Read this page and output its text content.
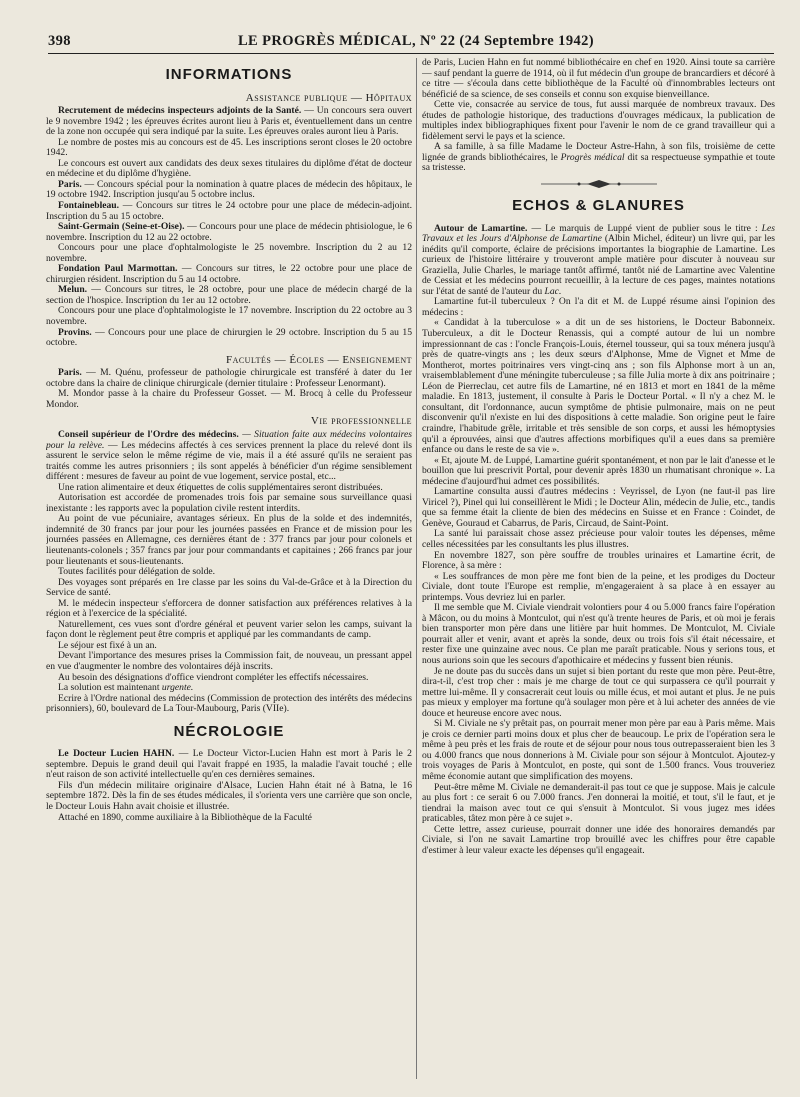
398	LE PROGRÈS MÉDICAL, Nº 22 (24 Septembre 1942)
INFORMATIONS
Assistance publique — Hôpitaux

Recrutement de médecins inspecteurs adjoints de la Santé. — Un concours sera ouvert le 9 novembre 1942 ; les épreuves écrites auront lieu à Paris et, éventuellement dans un centre de la zone non occupée qui sera indiqué par la suite. Les épreuves orales auront lieu à Paris.

Le nombre de postes mis au concours est de 45. Les inscriptions seront closes le 20 octobre 1942.

Le concours est ouvert aux candidats des deux sexes titulaires du diplôme d'état de docteur en médecine et du diplôme d'hygiène.

Paris. — Concours spécial pour la nomination à quatre places de médecin des hôpitaux, le 19 octobre 1942. Inscription jusqu'au 5 octobre inclus.

Fontainebleau. — Concours sur titres le 24 octobre pour une place de médecin-adjoint. Inscription du 5 au 15 octobre.

Saint-Germain (Seine-et-Oise). — Concours pour une place de médecin phtisiologue, le 6 novembre. Inscription du 12 au 22 octobre.

Concours pour une place d'ophtalmologiste le 25 novembre. Inscription du 2 au 12 novembre.

Fondation Paul Marmottan. — Concours sur titres, le 22 octobre pour une place de chirurgien résident. Inscription du 5 au 14 octobre.

Melun. — Concours sur titres, le 28 octobre, pour une place de médecin chargé de la section de l'hospice. Inscription du 1er au 12 octobre.

Concours pour une place d'ophtalmologiste le 17 novembre. Inscription du 22 octobre au 3 novembre.

Provins. — Concours pour une place de chirurgien le 29 octobre. Inscription du 5 au 15 octobre.

Facultés — Écoles — Enseignement

Paris. — M. Quénu, professeur de pathologie chirurgicale est transféré à dater du 1er octobre dans la chaire de clinique chirurgicale (dernier titulaire : Professeur Lenormant).

M. Mondor passe à la chaire du Professeur Gosset. — M. Brocq à celle du Professeur Mondor.

Vie professionnelle

Conseil supérieur de l'Ordre des médecins. — Situation faite aux médecins volontaires pour la relève. — Les médecins affectés à ces services prennent la place du relevé dont ils assurent le service selon le même régime de vie, mais il a été assuré qu'ils ne seraient pas traités comme les autres prisonniers ; ils sont appelés à bénéficier d'un régime sensiblement différent : mesures de faveur au point de vue logement, service postal, etc...

Une ration alimentaire et deux étiquettes de colis supplémentaires seront distribuées.

Autorisation est accordée de promenades trois fois par semaine sous surveillance quasi inexistante : les rapports avec la population civile restent interdits.

Au point de vue pécuniaire, avantages sérieux. En plus de la solde et des indemnités, indemnité de 30 francs par jour pour les journées passées en France et de mission pour les journées passées en Allemagne, ces dernières étant de : 377 francs par jour pour colonels et lieutenants-colonels ; 357 francs par jour pour commandants et capitaines ; 266 francs par jour pour lieutenants et sous-lieutenants.

Toutes facilités pour délégation de solde.

Des voyages sont préparés en 1re classe par les soins du Val-de-Grâce et à la Direction du Service de santé.

M. le médecin inspecteur s'efforcera de donner satisfaction aux préférences relatives à la région et à l'exercice de la spécialité.

Naturellement, ces vues sont d'ordre général et peuvent varier selon les camps, suivant la façon dont le règlement peut être compris et appliqué par les commandants de camp.

Le séjour est fixé à un an.

Devant l'importance des mesures prises la Commission fait, de nouveau, un pressant appel en vue d'augmenter le nombre des volontaires déjà inscrits.

Au besoin des désignations d'office viendront compléter les effectifs nécessaires.

La solution est maintenant urgente.

Ecrire à l'Ordre national des médecins (Commission de protection des intérêts des médecins prisonniers), 60, boulevard de La Tour-Maubourg, Paris (VIIe).

NÉCROLOGIE

Le Docteur Lucien HAHN. — Le Docteur Victor-Lucien Hahn est mort à Paris le 2 septembre. Depuis le grand deuil qui l'avait frappé en 1935, la maladie l'avait touché ; elle n'eut raison de son activité intellectuelle qu'en ces dernières semaines.

Fils d'un médecin militaire originaire d'Alsace, Lucien Hahn était né à Batna, le 16 septembre 1872. Dès la fin de ses études médicales, il s'orienta vers une carrière que son oncle, le Docteur Louis Hahn avait choisie et illustrée.

Attaché en 1890, comme auxiliaire à la Bibliothèque de la Faculté

de Paris, Lucien Hahn en fut nommé bibliothécaire en chef en 1920. Ainsi toute sa carrière — sauf pendant la guerre de 1914, où il fut médecin d'un groupe de brancardiers et décoré à ce titre — s'écoula dans cette bibliothèque de la Faculté où d'innombrables lecteurs ont bénéficié de sa science, de ses conseils et connu son exquise bienveillance.

Cette vie, consacrée au service de tous, fut aussi marquée de nombreux travaux. Des études de pathologie historique, des traductions d'ouvrages médicaux, la publication de multiples index bibliographiques fixent pour l'avenir le nom de ce grand travailleur qui a fidèlement servi le pays et la science.

A sa famille, à sa fille Madame le Docteur Astre-Hahn, à son fils, troisième de cette lignée de grands bibliothécaires, le Progrès médical dit sa respectueuse sympathie et toute sa tristesse.

ECHOS & GLANURES

Autour de Lamartine. — Le marquis de Luppé vient de publier sous le titre : Les Travaux et les Jours d'Alphonse de Lamartine (Albin Michel, éditeur) un livre qui, par les inédits qu'il comporte, éclaire de précisions importantes la biographie de Lamartine. Les curieux de l'histoire littéraire y trouveront ample matière pour discuter à nouveau sur Graziella, Julie Charles, le mariage tantôt affirmé, tantôt nié de Lamartine avec Valentine de Cessiat et les médecins pourront recueillir, à la lecture de ces pages, maintes notations sur l'état de santé de l'auteur du Lac.

Lamartine fut-il tuberculeux ? On l'a dit et M. de Luppé résume ainsi l'opinion des médecins :

« Candidat à la tuberculose » a dit un de ses historiens, le Docteur Babonneix. Tuberculeux, a dit le Docteur Renassis, qui a compté autour de lui un nombre impressionnant de cas : l'oncle François-Louis, éternel tousseur, qui sa toux ménera jusqu'à près de quatre-vingts ans ; les deux sœurs d'Alphonse, Mme de Vignet et Mme de Montherot, mortes poitrinaires vers vingt-cinq ans ; son fils Alphonse mort à un an, vraisemblablement d'une méningite tuberculeuse ; sa fille Julia morte à dix ans poitrinaire ; Léon de Pierreclau, cet autre fils de Lamartine, né en 1813 et mort en 1841 de la même maladie. En 1813, justement, il consulte à Paris le Docteur Portal. « Il n'y a chez M. le consultant, dit l'ordonnance, aucun symptôme de phtisie pulmonaire, mais on ne peut disconvenir qu'il n'existe en lui des dispositions à cette maladie. Son origine peut le faire craindre, l'habitude grêle, irritable et très sensible de son corps, et aussi les hémoptysies qu'il a éprouvées, ainsi que d'autres affections morbifiques qu'il a eues dans sa première enfance ou dans le reste de sa vie ».

« Et, ajoute M. de Luppé, Lamartine guérit spontanément, et non par le lait d'anesse et le bouillon que lui prescrivit Portal, pour devenir après 1830 un rhumatisant chronique ». La médecine d'aujourd'hui admet ces possibilités.

Lamartine consulta aussi d'autres médecins : Veyrissel, de Lyon (ne faut-il pas lire Viricel ?), Pinel qui lui conseillèrent le Midi ; le Docteur Alin, médecin de Julie, etc., tandis que sa femme était la cliente de bien des médecins en Suisse et en France : Coindet, de Genève, Gouraud et Cabarrus, de Paris, Circaud, de Saint-Point.

La santé lui paraissait chose assez précieuse pour valoir toutes les dépenses, même celles nécessitées par les consultants les plus illustres.

En novembre 1827, son père souffre de troubles urinaires et Lamartine écrit, de Florence, à sa mère :

« Les souffrances de mon père me font bien de la peine, et les prodiges du Docteur Civiale, dont toute l'Europe est remplie, m'engageraient à sa place à en essayer au printemps. Vous devriez lui en parler.

Il me semble que M. Civiale viendrait volontiers pour 4 ou 5.000 francs faire l'opération à Mâcon, ou du moins à Montculot, qui n'est qu'à trente heures de Paris, et où moi je ferais bien transporter mon père dans une litière par huit hommes. De Montculot, M. Civiale pourrait aller et venir, avant et après la sonde, deux ou trois fois s'il était nécessaire, et rester fixe une quinzaine avec nous. Ce plan me paraît praticable. Nous y serions tous, et nous aurions soin que les secours d'apothicaire et médecins y fussent bien réunis.

Je ne doute pas du succès dans un sujet si bien portant du reste que mon père. Peut-être, dira-t-il, c'est trop cher : mais je me charge de tout ce qui surpassera ce qu'il pourrait y mettre lui-même. Il y consacrerait ceut louis ou mille écus, et moi autant et plus. Je ne puis pas mieux y employer ma fortune qu'à soulager mon père et à lui acheter des années de vie douce et heureuse encore avec nous.

Si M. Civiale ne s'y prêtait pas, on pourrait mener mon père par eau à Paris même. Mais je crois ce dernier parti moins doux et plus cher de beaucoup. Le prix de l'opération sera le même à peu près et les frais de route et de séjour pour nous tous outrepasseraient bien les 3 ou 4.000 francs que nous donnerions à M. Civiale pour son séjour à Montculot. Ajoutez-y trois voyages de Paris à Montculot, en poste, qui sont de 1.500 francs. Vous trouveriez même économie autant que simplification des moyens.

Peut-être même M. Civiale ne demanderait-il pas tout ce que je suppose. Mais je calcule au plus fort : ce serait 6 ou 7.000 francs. J'en donnerai la moitié, et tout, s'il le faut, et je tiendrai la maison avec tout ce qui s'ensuit à Montculot. Si vous jugez mes idées praticables, tâtez mon père à ce sujet ».

Cette lettre, assez curieuse, pourrait donner une idée des honoraires demandés par Civiale, si l'on ne savait Lamartine trop brouillé avec les chiffres pour être capable d'estimer à leur valeur exacte les dépenses qu'il engageait.
